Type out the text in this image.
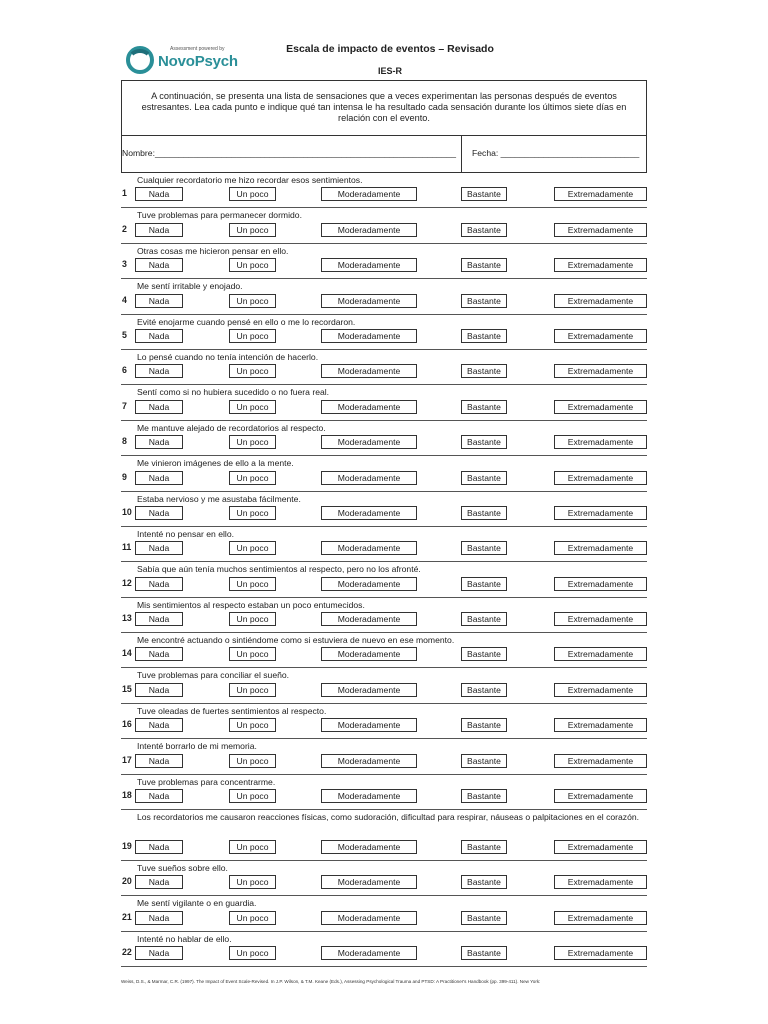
Assessment powered by
NovoPsych
Escala de impacto de eventos – Revisado
IES-R
A continuación, se presenta una lista de sensaciones que a veces experimentan las personas después de eventos estresantes. Lea cada punto e indique qué tan intensa le ha resultado cada sensación durante los últimos siete días en relación con el evento.
Nombre:_______________________________________________________________	Fecha: _____________________________
1
Cualquier recordatorio me hizo recordar esos sentimientos.
Nada	Un poco	Moderadamente	Bastante	Extremadamente
2
Tuve problemas para permanecer dormido.
Nada	Un poco	Moderadamente	Bastante	Extremadamente
3
Otras cosas me hicieron pensar en ello.
Nada	Un poco	Moderadamente	Bastante	Extremadamente
4
Me sentí irritable y enojado.
Nada	Un poco	Moderadamente	Bastante	Extremadamente
5
Evité enojarme cuando pensé en ello o me lo recordaron.
Nada	Un poco	Moderadamente	Bastante	Extremadamente
6
Lo pensé cuando no tenía intención de hacerlo.
Nada	Un poco	Moderadamente	Bastante	Extremadamente
7
Sentí como si no hubiera sucedido o no fuera real.
Nada	Un poco	Moderadamente	Bastante	Extremadamente
8
Me mantuve alejado de recordatorios al respecto.
Nada	Un poco	Moderadamente	Bastante	Extremadamente
9
Me vinieron imágenes de ello a la mente.
Nada	Un poco	Moderadamente	Bastante	Extremadamente
10
Estaba nervioso y me asustaba fácilmente.
Nada	Un poco	Moderadamente	Bastante	Extremadamente
11
Intenté no pensar en ello.
Nada	Un poco	Moderadamente	Bastante	Extremadamente
12
Sabía que aún tenía muchos sentimientos al respecto, pero no los afronté.
Nada	Un poco	Moderadamente	Bastante	Extremadamente
13
Mis sentimientos al respecto estaban un poco entumecidos.
Nada	Un poco	Moderadamente	Bastante	Extremadamente
14
Me encontré actuando o sintiéndome como si estuviera de nuevo en ese momento.
Nada	Un poco	Moderadamente	Bastante	Extremadamente
15
Tuve problemas para conciliar el sueño.
Nada	Un poco	Moderadamente	Bastante	Extremadamente
16
Tuve oleadas de fuertes sentimientos al respecto.
Nada	Un poco	Moderadamente	Bastante	Extremadamente
17
Intenté borrarlo de mi memoria.
Nada	Un poco	Moderadamente	Bastante	Extremadamente
18
Tuve problemas para concentrarme.
Nada	Un poco	Moderadamente	Bastante	Extremadamente
19
Los recordatorios me causaron reacciones físicas, como sudoración, dificultad para respirar, náuseas o palpitaciones en el corazón.
Nada	Un poco	Moderadamente	Bastante	Extremadamente
20
Tuve sueños sobre ello.
Nada	Un poco	Moderadamente	Bastante	Extremadamente
21
Me sentí vigilante o en guardia.
Nada	Un poco	Moderadamente	Bastante	Extremadamente
22
Intenté no hablar de ello.
Nada	Un poco	Moderadamente	Bastante	Extremadamente
Weiss, D.S., & Marmar, C.R. (1997). The Impact of Event Scale-Revised. In J.P. Wilson, & T.M. Keane (Eds.), Assessing Psychological Trauma and PTSD: A Practitioner's Handbook (pp. 399-411). New York:
